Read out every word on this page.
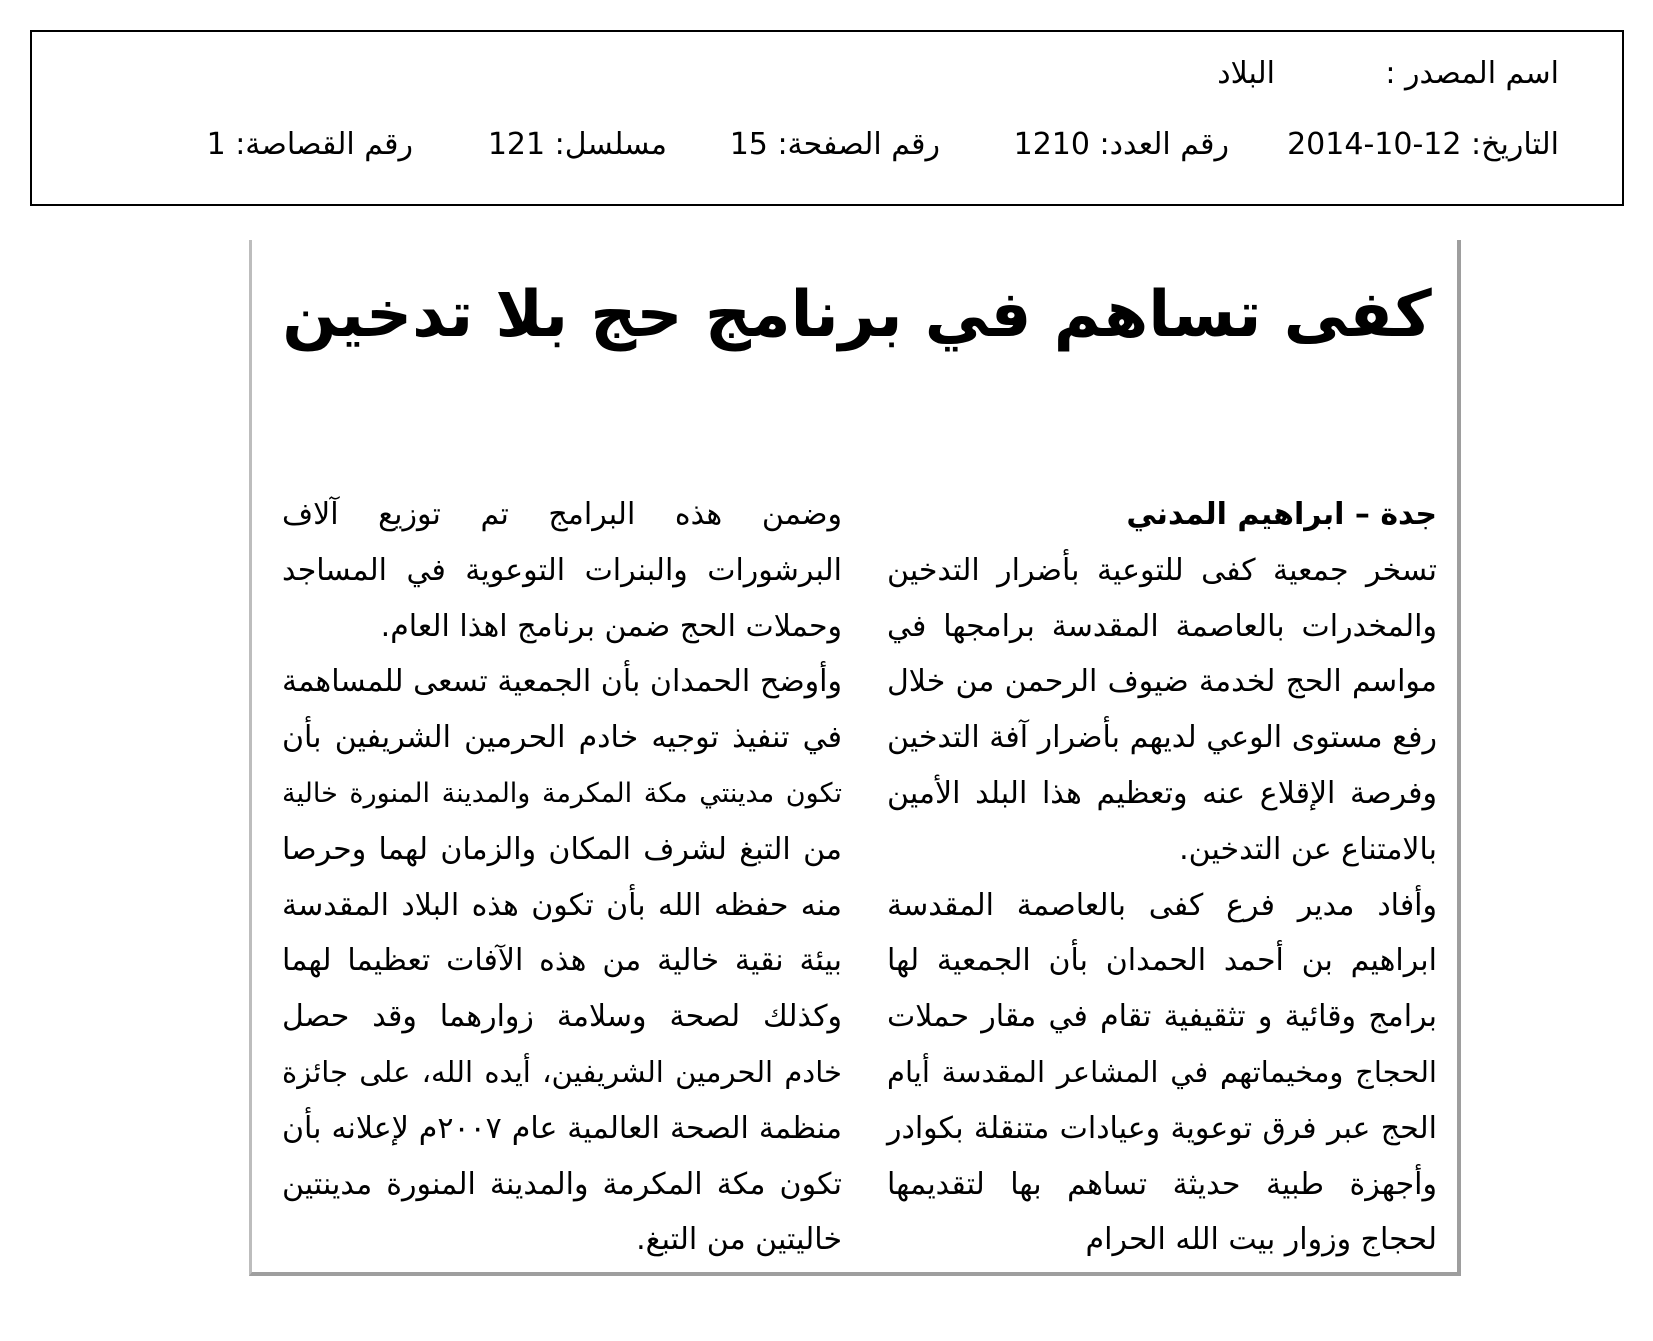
اسم المصدر :
البلاد
التاريخ: 12-10-2014
رقم العدد: 1210
رقم الصفحة: 15
مسلسل: 121
رقم القصاصة: 1
كفى تساهم في برنامج حج بلا تدخين
جدة – ابراهيم المدني
تسخر جمعية كفى للتوعية بأضرار التدخين
والمخدرات بالعاصمة المقدسة برامجها في
مواسم الحج لخدمة ضيوف الرحمن من خلال
رفع مستوى الوعي لديهم بأضرار آفة التدخين
وفرصة الإقلاع عنه وتعظيم هذا البلد الأمين
بالامتناع عن التدخين.
وأفاد مدير فرع كفى بالعاصمة المقدسة
ابراهيم بن أحمد الحمدان بأن الجمعية لها
برامج وقائية و تثقيفية تقام في مقار حملات
الحجاج ومخيماتهم في المشاعر المقدسة أيام
الحج عبر فرق توعوية وعيادات متنقلة بكوادر
وأجهزة طبية حديثة تساهم بها لتقديمها
لحجاج وزوار بيت الله الحرام
وضمن هذه البرامج تم توزيع آلاف
البرشورات والبنرات التوعوية في المساجد
وحملات الحج ضمن برنامج اهذا العام.
وأوضح الحمدان بأن الجمعية تسعى للمساهمة
في تنفيذ توجيه خادم الحرمين الشريفين بأن
تكون مدينتي مكة المكرمة والمدينة المنورة خالية
من التبغ لشرف المكان والزمان لهما وحرصا
منه حفظه الله بأن تكون هذه البلاد المقدسة
بيئة نقية خالية من هذه الآفات تعظيما لهما
وكذلك لصحة وسلامة زوارهما وقد حصل
خادم الحرمين الشريفين، أيده الله، على جائزة
منظمة الصحة العالمية عام ٢٠٠٧م لإعلانه بأن
تكون مكة المكرمة والمدينة المنورة مدينتين
خاليتين من التبغ.
